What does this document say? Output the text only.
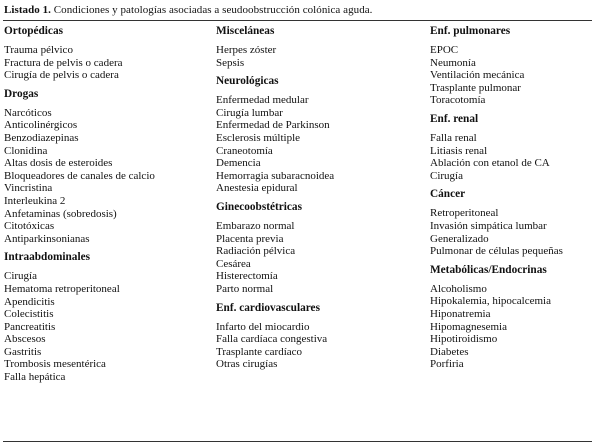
Listado 1. Condiciones y patologías asociadas a seudoobstrucción colónica aguda.
Ortopédicas
Trauma pélvico
Fractura de pelvis o cadera
Cirugía de pelvis o cadera
Drogas
Narcóticos
Anticolinérgicos
Benzodiazepinas
Clonidina
Altas dosis de esteroides
Bloqueadores de canales de calcio
Vincristina
Interleukina 2
Anfetaminas (sobredosis)
Citotóxicas
Antiparkinsonianas
Intraabdominales
Cirugía
Hematoma retroperitoneal
Apendicitis
Colecistitis
Pancreatitis
Abscesos
Gastritis
Trombosis mesentérica
Falla hepática
Misceláneas
Herpes zóster
Sepsis
Neurológicas
Enfermedad medular
Cirugía lumbar
Enfermedad de Parkinson
Esclerosis múltiple
Craneotomía
Demencia
Hemorragia subaracnoidea
Anestesia epidural
Ginecoobstétricas
Embarazo normal
Placenta previa
Radiación pélvica
Cesárea
Histerectomía
Parto normal
Enf. cardiovasculares
Infarto del miocardio
Falla cardíaca congestiva
Trasplante cardíaco
Otras cirugías
Enf. pulmonares
EPOC
Neumonía
Ventilación mecánica
Trasplante pulmonar
Toracotomía
Enf. renal
Falla renal
Litiasis renal
Ablación con etanol de CA
Cirugía
Cáncer
Retroperitoneal
Invasión simpática lumbar
Generalizado
Pulmonar de células pequeñas
Metabólicas/Endocrinas
Alcoholismo
Hipokalemia, hipocalcemia
Hiponatremia
Hipomagnesemia
Hipotiroidismo
Diabetes
Porfiria
